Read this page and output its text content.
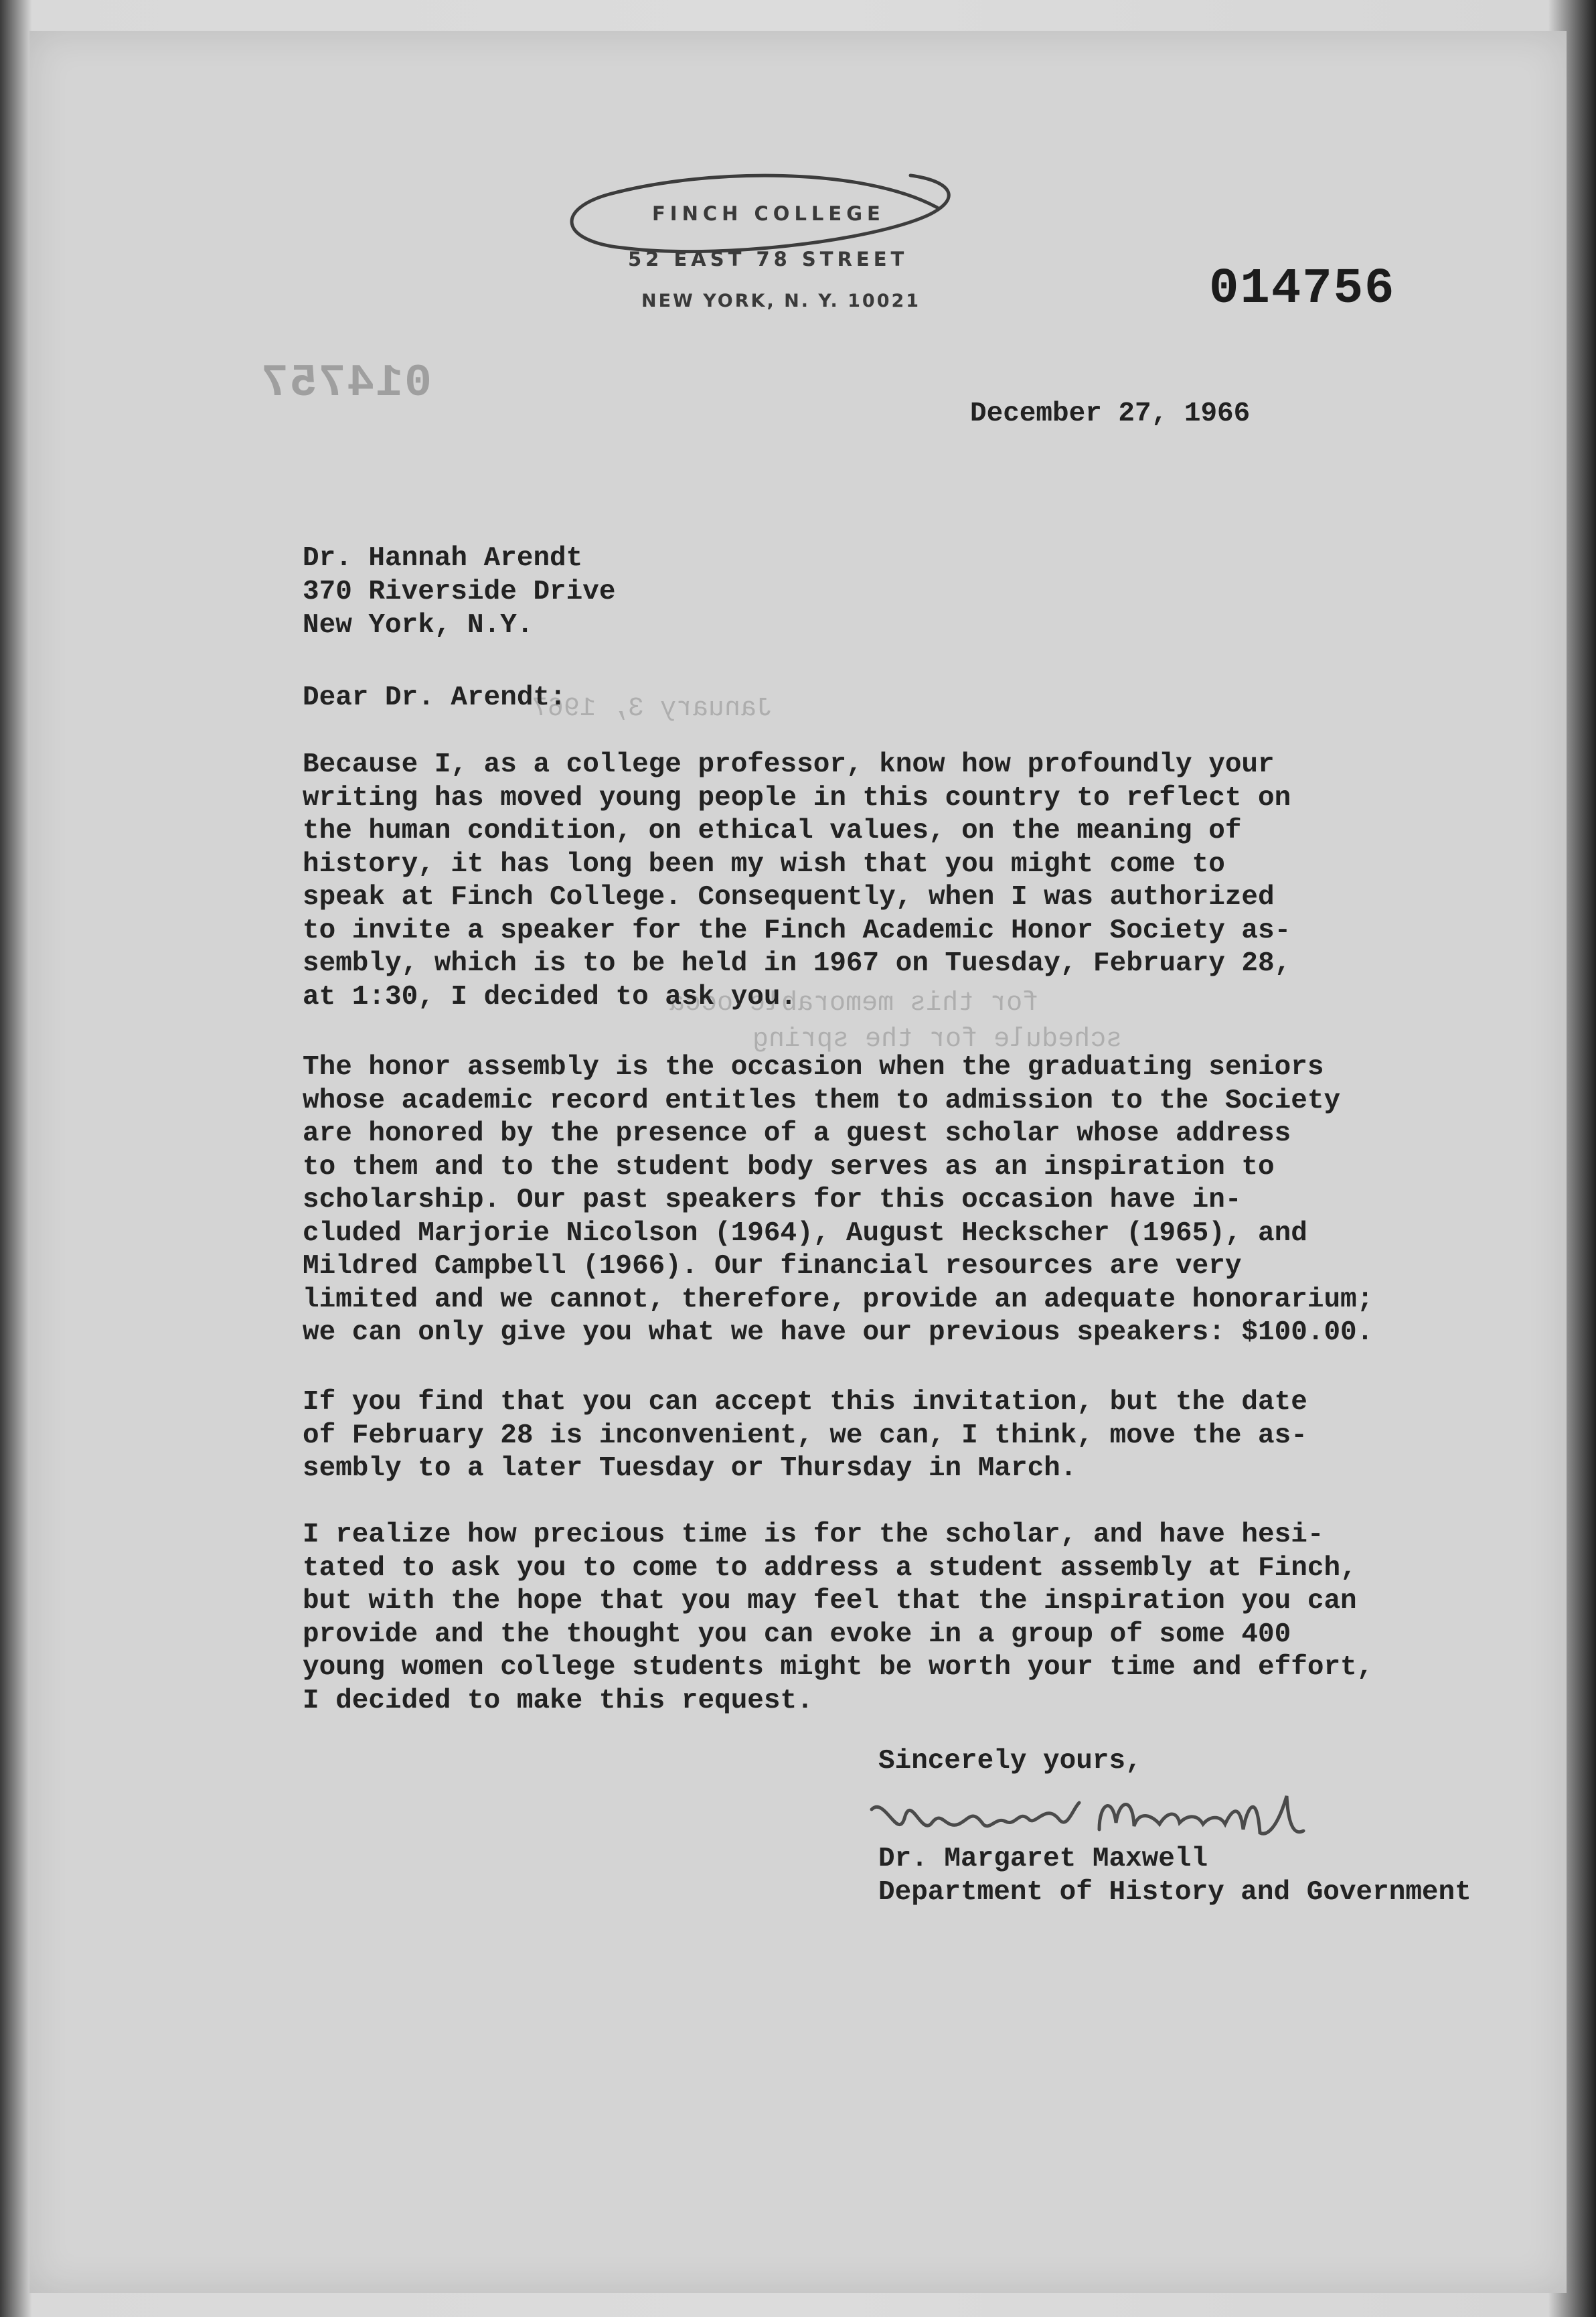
FINCH COLLEGE
52 EAST 78 STREET
NEW YORK, N. Y. 10021	014756
014757
January 3, 1967
for this memorable occa
schedule for the spring

December 27, 1966

Dr. Hannah Arendt

370 Riverside Drive

New York, N.Y.

Dear Dr. Arendt:

Because I, as a college professor, know how profoundly your
writing has moved young people in this country to reflect on
the human condition, on ethical values, on the meaning of
history, it has long been my wish that you might come to
speak at Finch College. Consequently, when I was authorized
to invite a speaker for the Finch Academic Honor Society as-
sembly, which is to be held in 1967 on Tuesday, February 28,
at 1:30, I decided to ask you.

The honor assembly is the occasion when the graduating seniors
whose academic record entitles them to admission to the Society
are honored by the presence of a guest scholar whose address
to them and to the student body serves as an inspiration to
scholarship. Our past speakers for this occasion have in-
cluded Marjorie Nicolson (1964), August Heckscher (1965), and
Mildred Campbell (1966). Our financial resources are very
limited and we cannot, therefore, provide an adequate honorarium;
we can only give you what we have our previous speakers: $100.00.

If you find that you can accept this invitation, but the date
of February 28 is inconvenient, we can, I think, move the as-
sembly to a later Tuesday or Thursday in March.

I realize how precious time is for the scholar, and have hesi-
tated to ask you to come to address a student assembly at Finch,
but with the hope that you may feel that the inspiration you can
provide and the thought you can evoke in a group of some 400
young women college students might be worth your time and effort,
I decided to make this request.

Sincerely yours,

Dr. Margaret Maxwell

Department of History and Government
